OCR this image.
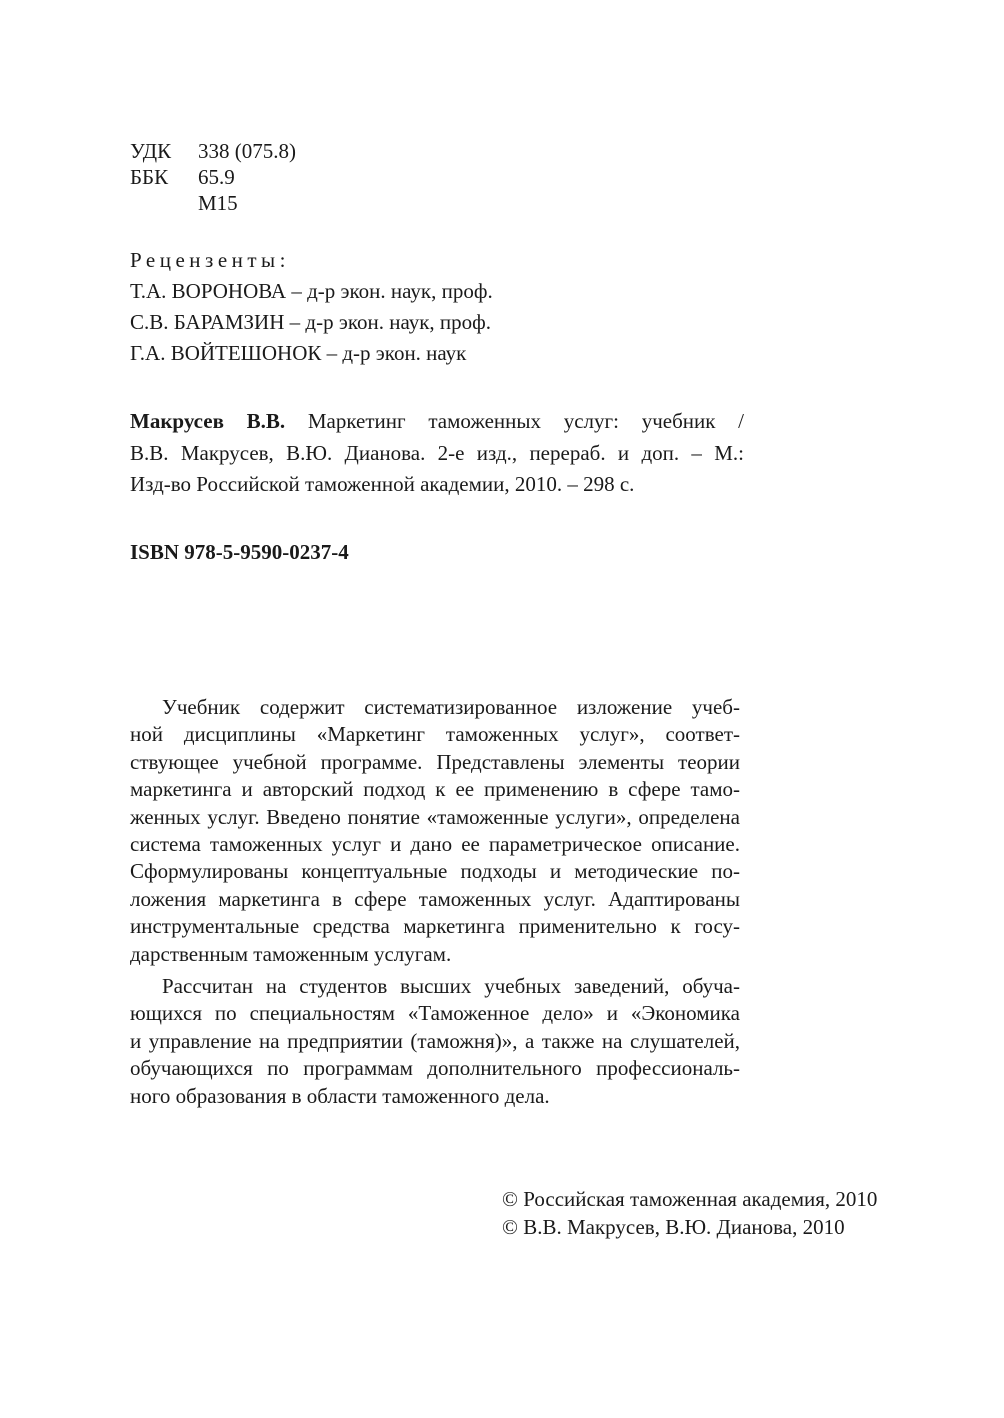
УДК	338 (075.8)
ББК	65.9
М15
Рецензенты:
Т.А. ВОРОНОВА – д-р экон. наук, проф.
С.В. БАРАМЗИН – д-р экон. наук, проф.
Г.А. ВОЙТЕШОНОК – д-р экон. наук
Макрусев В.В. Маркетинг таможенных услуг: учебник /
В.В. Макрусев, В.Ю. Дианова. 2-е изд., перераб. и доп. – М.:
Изд-во Российской таможенной академии, 2010. – 298 с.
ISBN 978-5-9590-0237-4
Учебник содержит систематизированное изложение учеб-
ной дисциплины «Маркетинг таможенных услуг», соответ-
ствующее учебной программе. Представлены элементы теории
маркетинга и авторский подход к ее применению в сфере тамо-
женных услуг. Введено понятие «таможенные услуги», определена
система таможенных услуг и дано ее параметрическое описание.
Сформулированы концептуальные подходы и методические по-
ложения маркетинга в сфере таможенных услуг. Адаптированы
инструментальные средства маркетинга применительно к госу-
дарственным таможенным услугам.
Рассчитан на студентов высших учебных заведений, обуча-
ющихся по специальностям «Таможенное дело» и «Экономика
и управление на предприятии (таможня)», а также на слушателей,
обучающихся по программам дополнительного профессиональ-
ного образования в области таможенного дела.
© Российская таможенная академия, 2010
© В.В. Макрусев, В.Ю. Дианова, 2010
